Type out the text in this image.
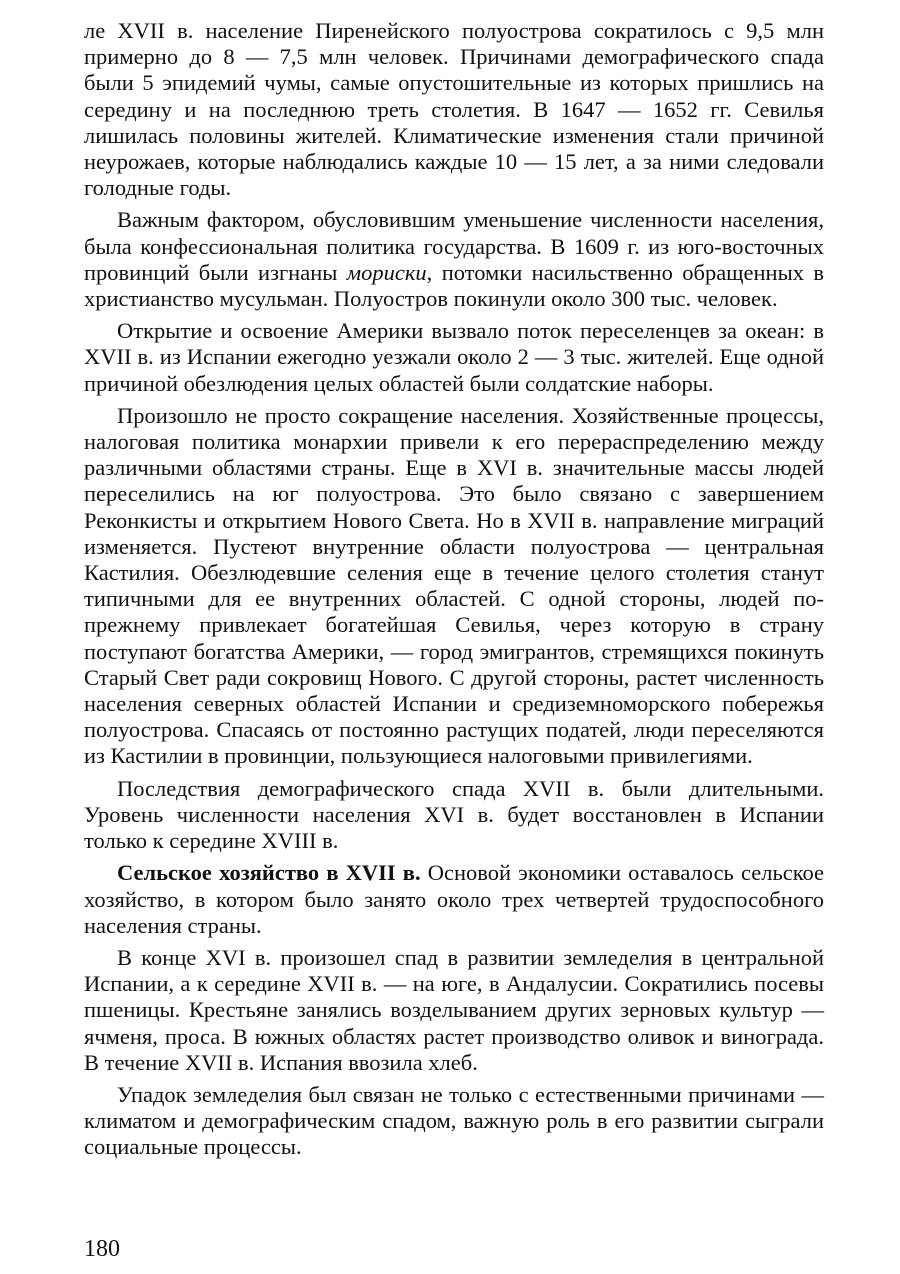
ле XVII в. население Пиренейского полуострова сократилось с 9,5 млн примерно до 8 — 7,5 млн человек. Причинами демографического спада были 5 эпидемий чумы, самые опустошительные из которых пришлись на середину и на последнюю треть столетия. В 1647 — 1652 гг. Севилья лишилась половины жителей. Климатические изменения стали причиной неурожаев, которые наблюдались каждые 10 — 15 лет, а за ними следовали голодные годы.

Важным фактором, обусловившим уменьшение численности населения, была конфессиональная политика государства. В 1609 г. из юго-восточных провинций были изгнаны мориски, потомки насильственно обращенных в христианство мусульман. Полуостров покинули около 300 тыс. человек.

Открытие и освоение Америки вызвало поток переселенцев за океан: в XVII в. из Испании ежегодно уезжали около 2 — 3 тыс. жителей. Еще одной причиной обезлюдения целых областей были солдатские наборы.

Произошло не просто сокращение населения. Хозяйственные процессы, налоговая политика монархии привели к его перераспределению между различными областями страны. Еще в XVI в. значительные массы людей переселились на юг полуострова. Это было связано с завершением Реконкисты и открытием Нового Света. Но в XVII в. направление миграций изменяется. Пустеют внутренние области полуострова — центральная Кастилия. Обезлюдевшие селения еще в течение целого столетия станут типичными для ее внутренних областей. С одной стороны, людей по-прежнему привлекает богатейшая Севилья, через которую в страну поступают богатства Америки, — город эмигрантов, стремящихся покинуть Старый Свет ради сокровищ Нового. С другой стороны, растет численность населения северных областей Испании и средиземноморского побережья полуострова. Спасаясь от постоянно растущих податей, люди переселяются из Кастилии в провинции, пользующиеся налоговыми привилегиями.

Последствия демографического спада XVII в. были длительными. Уровень численности населения XVI в. будет восстановлен в Испании только к середине XVIII в.

Сельское хозяйство в XVII в. Основой экономики оставалось сельское хозяйство, в котором было занято около трех четвертей трудоспособного населения страны.

В конце XVI в. произошел спад в развитии земледелия в центральной Испании, а к середине XVII в. — на юге, в Андалусии. Сократились посевы пшеницы. Крестьяне занялись возделыванием других зерновых культур — ячменя, проса. В южных областях растет производство оливок и винограда. В течение XVII в. Испания ввозила хлеб.

Упадок земледелия был связан не только с естественными причинами — климатом и демографическим спадом, важную роль в его развитии сыграли социальные процессы.

180
